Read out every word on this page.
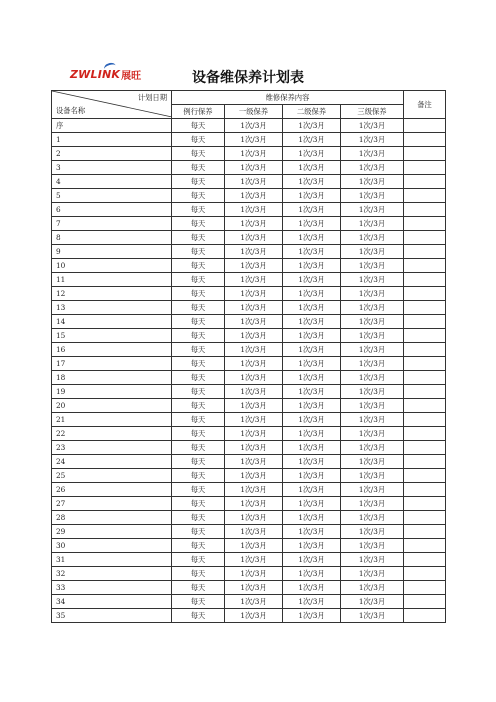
ZWLINK 展旺	设备维保养计划表
计划日期
设备名称	维修保养内容				备注
	例行保养	一级保养	二级保养	三级保养	
序	每天	1次/3月	1次/3月	1次/3月	
1	每天	1次/3月	1次/3月	1次/3月	
2	每天	1次/3月	1次/3月	1次/3月	
3	每天	1次/3月	1次/3月	1次/3月	
4	每天	1次/3月	1次/3月	1次/3月	
5	每天	1次/3月	1次/3月	1次/3月	
6	每天	1次/3月	1次/3月	1次/3月	
7	每天	1次/3月	1次/3月	1次/3月	
8	每天	1次/3月	1次/3月	1次/3月	
9	每天	1次/3月	1次/3月	1次/3月	
10	每天	1次/3月	1次/3月	1次/3月	
11	每天	1次/3月	1次/3月	1次/3月	
12	每天	1次/3月	1次/3月	1次/3月	
13	每天	1次/3月	1次/3月	1次/3月	
14	每天	1次/3月	1次/3月	1次/3月	
15	每天	1次/3月	1次/3月	1次/3月	
16	每天	1次/3月	1次/3月	1次/3月	
17	每天	1次/3月	1次/3月	1次/3月	
18	每天	1次/3月	1次/3月	1次/3月	
19	每天	1次/3月	1次/3月	1次/3月	
20	每天	1次/3月	1次/3月	1次/3月	
21	每天	1次/3月	1次/3月	1次/3月	
22	每天	1次/3月	1次/3月	1次/3月	
23	每天	1次/3月	1次/3月	1次/3月	
24	每天	1次/3月	1次/3月	1次/3月	
25	每天	1次/3月	1次/3月	1次/3月	
26	每天	1次/3月	1次/3月	1次/3月	
27	每天	1次/3月	1次/3月	1次/3月	
28	每天	1次/3月	1次/3月	1次/3月	
29	每天	1次/3月	1次/3月	1次/3月	
30	每天	1次/3月	1次/3月	1次/3月	
31	每天	1次/3月	1次/3月	1次/3月	
32	每天	1次/3月	1次/3月	1次/3月	
33	每天	1次/3月	1次/3月	1次/3月	
34	每天	1次/3月	1次/3月	1次/3月	
35	每天	1次/3月	1次/3月	1次/3月	
